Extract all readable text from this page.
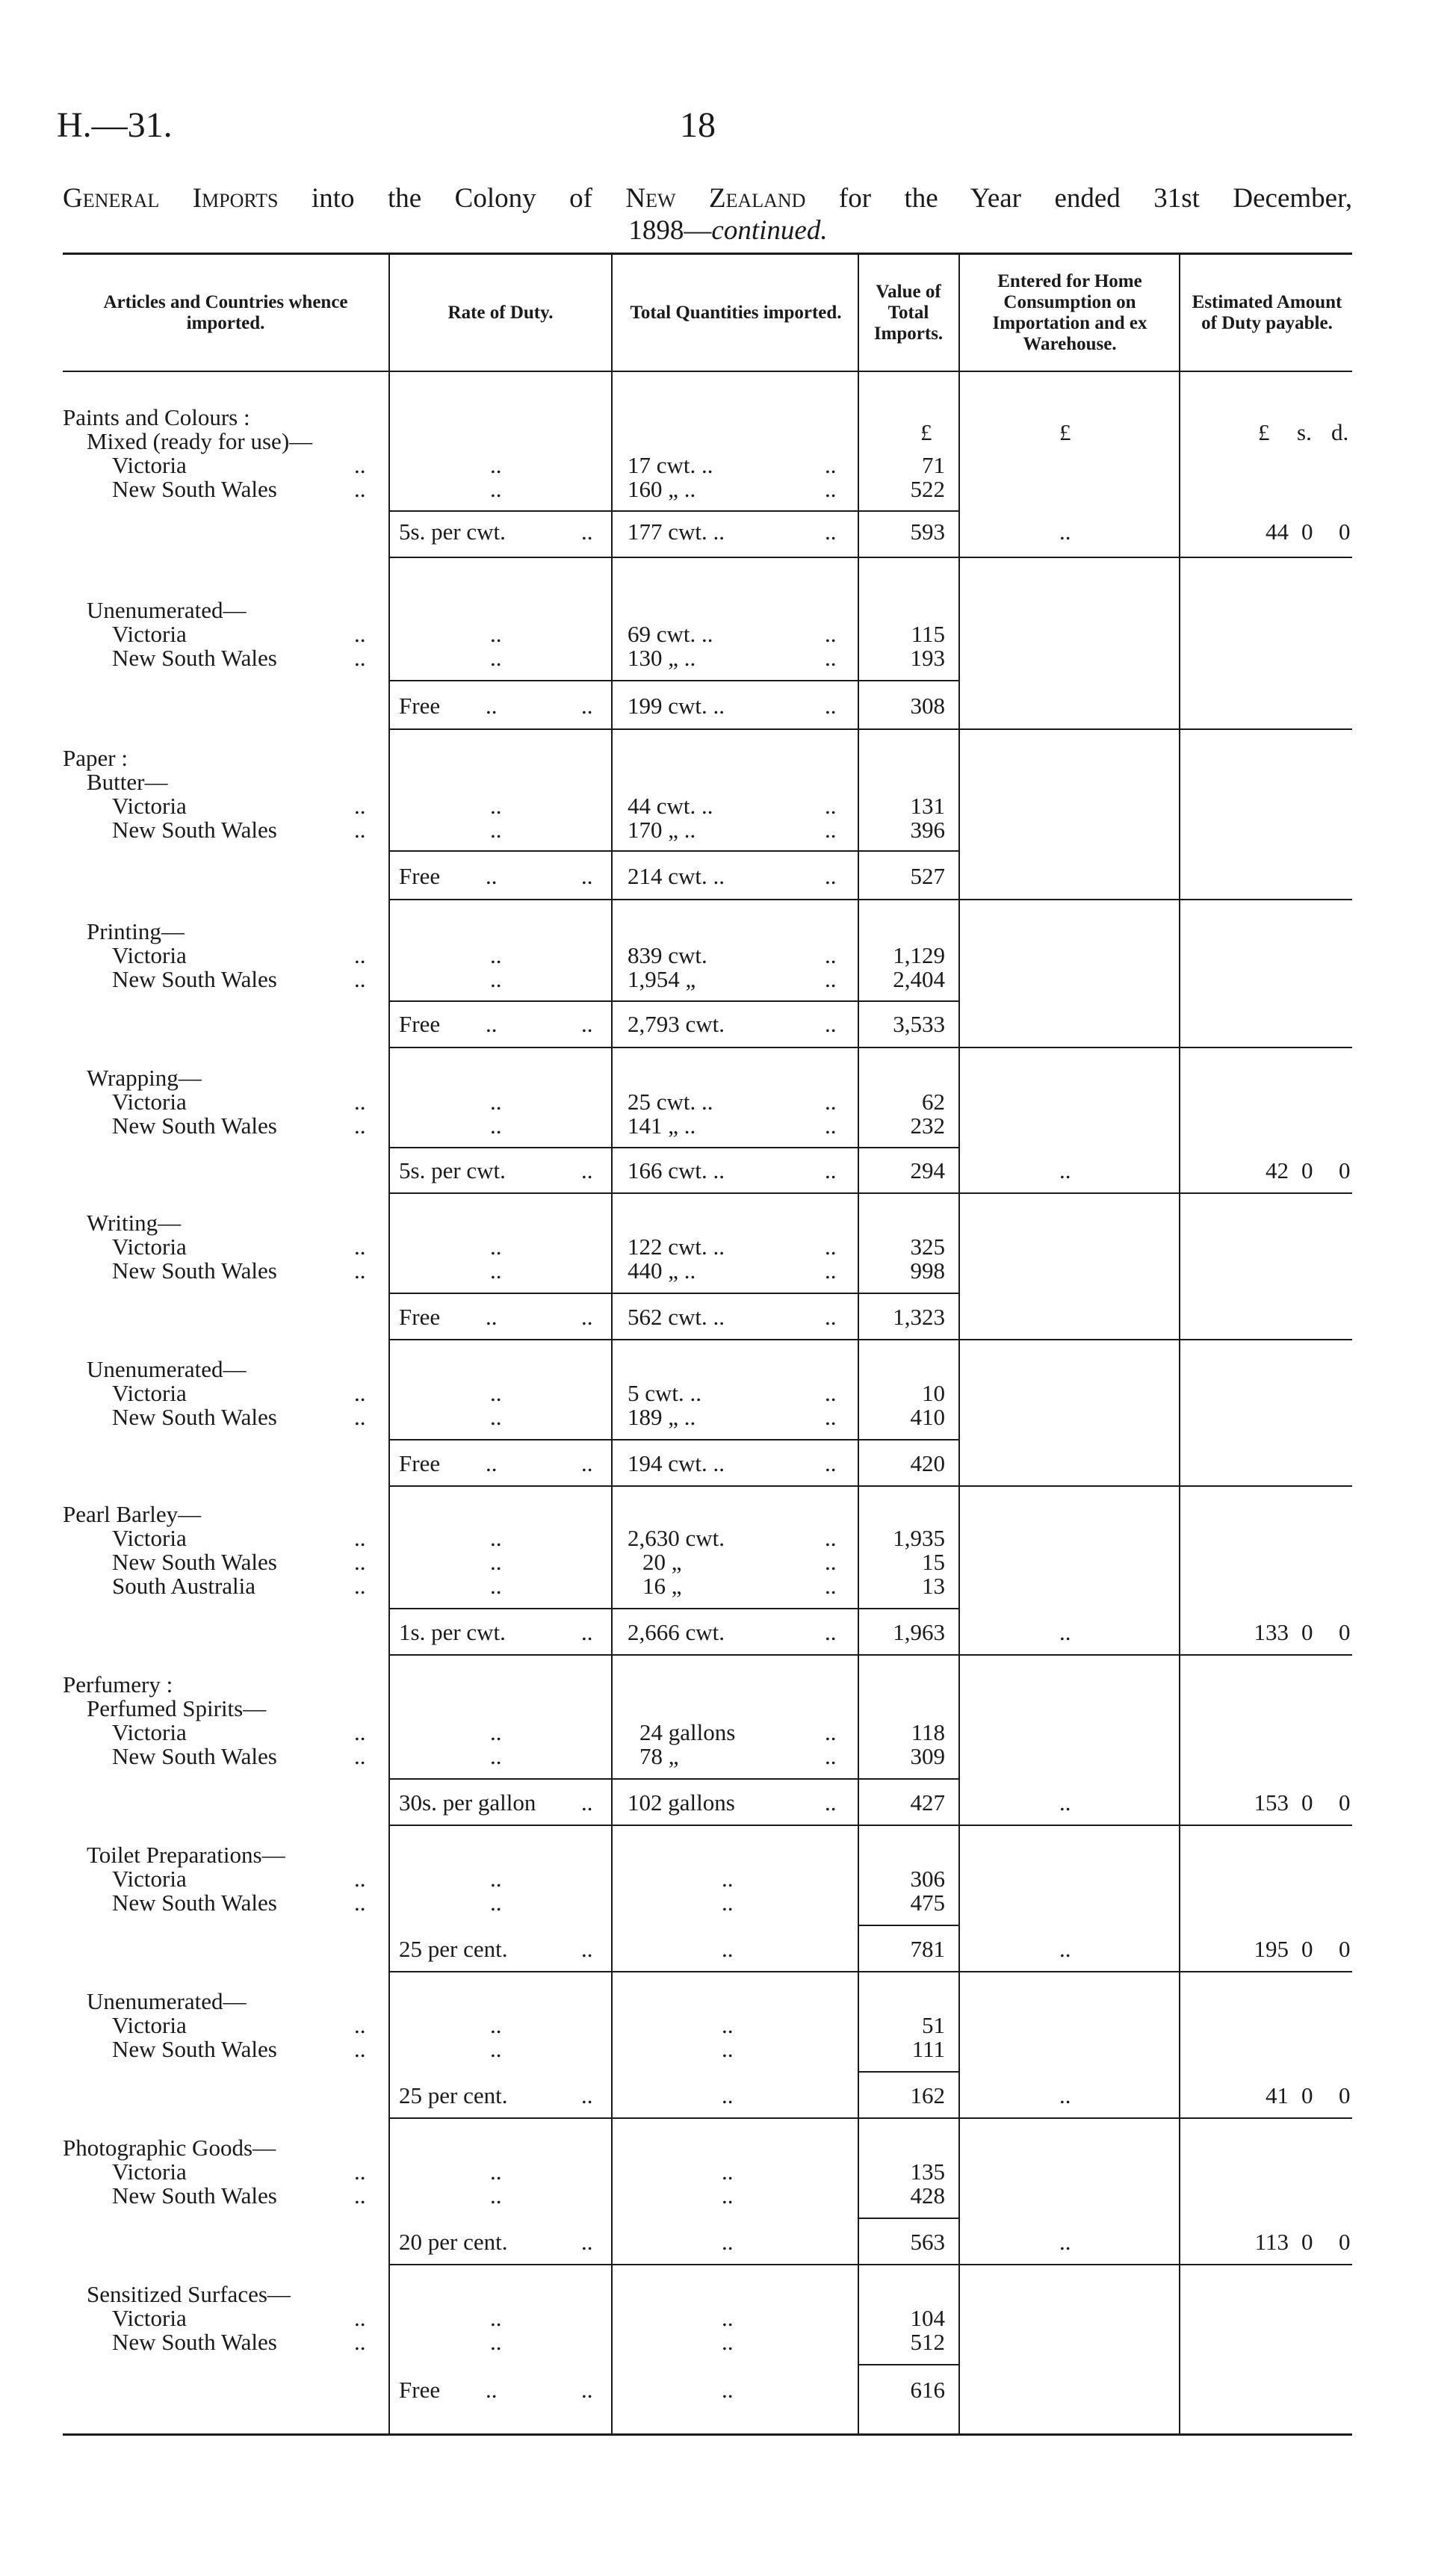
H.—31.	18
General Imports into the Colony of New Zealand for the Year ended 31st December,
1898—continued.
Articles and Countries whence imported.
Rate of Duty.	Total Quantities imported.
Value of Total Imports.
Entered for Home Consumption on Importation and ex Warehouse.
Estimated Amount of Duty payable.
£	£	£ s. d.
Paints and Colours :
Mixed (ready for use)—
Victoria	..	..	17 cwt. ..	..	71
New South Wales	..	..	160 „ ..	..	522
5s. per cwt.	.. 177 cwt. ..	..	593	..	44 0 0
Unenumerated—
Victoria	..	..	69 cwt. ..	..	115
New South Wales	..	..	130 „ ..	..	193
Free ..	.. 199 cwt. ..	..	308
Paper :
Butter—
Victoria	..	..	44 cwt. ..	..	131
New South Wales	..	..	170 „ ..	..	396
Free ..	.. 214 cwt. ..	..	527
Printing—
Victoria	..	..	839 cwt.	.. 1,129
New South Wales	..	..	1,954 „	.. 2,404
Free ..	.. 2,793 cwt.	.. 3,533
Wrapping—
Victoria	..	..	25 cwt. ..	..	62
New South Wales	..	..	141 „ ..	..	232
5s. per cwt.	.. 166 cwt. ..	..	294	..	42 0 0
Writing—
Victoria	..	..	122 cwt. ..	..	325
New South Wales	..	..	440 „ ..	..	998
Free ..	.. 562 cwt. ..	.. 1,323
Unenumerated—
Victoria	..	..	5 cwt. ..	..	10
New South Wales	..	..	189 „ ..	..	410
Free ..	.. 194 cwt. ..	..	420
Pearl Barley—
Victoria	..	..	2,630 cwt.	.. 1,935
New South Wales	..	..	20 „	..	15
South Australia	..	..	16 „	..	13
1s. per cwt.	.. 2,666 cwt.	.. 1,963	..	133 0 0
Perfumery :
Perfumed Spirits—
Victoria	..	..	24 gallons	..	118
New South Wales	..	..	78 „	..	309
30s. per gallon .. 102 gallons	..	427	..	153 0 0
Toilet Preparations—
Victoria	..	..	..	306
New South Wales	..	..	..	475
25 per cent.	..	..	781	..	195 0 0
Unenumerated—
Victoria	..	..	..	51
New South Wales	..	..	..	111
25 per cent.	..	..	162	..	41 0 0
Photographic Goods—
Victoria	..	..	..	135
New South Wales	..	..	..	428
20 per cent.	..	..	563	..	113 0 0
Sensitized Surfaces—
Victoria	..	..	..	104
New South Wales	..	..	..	512
Free ..	..	..	616
